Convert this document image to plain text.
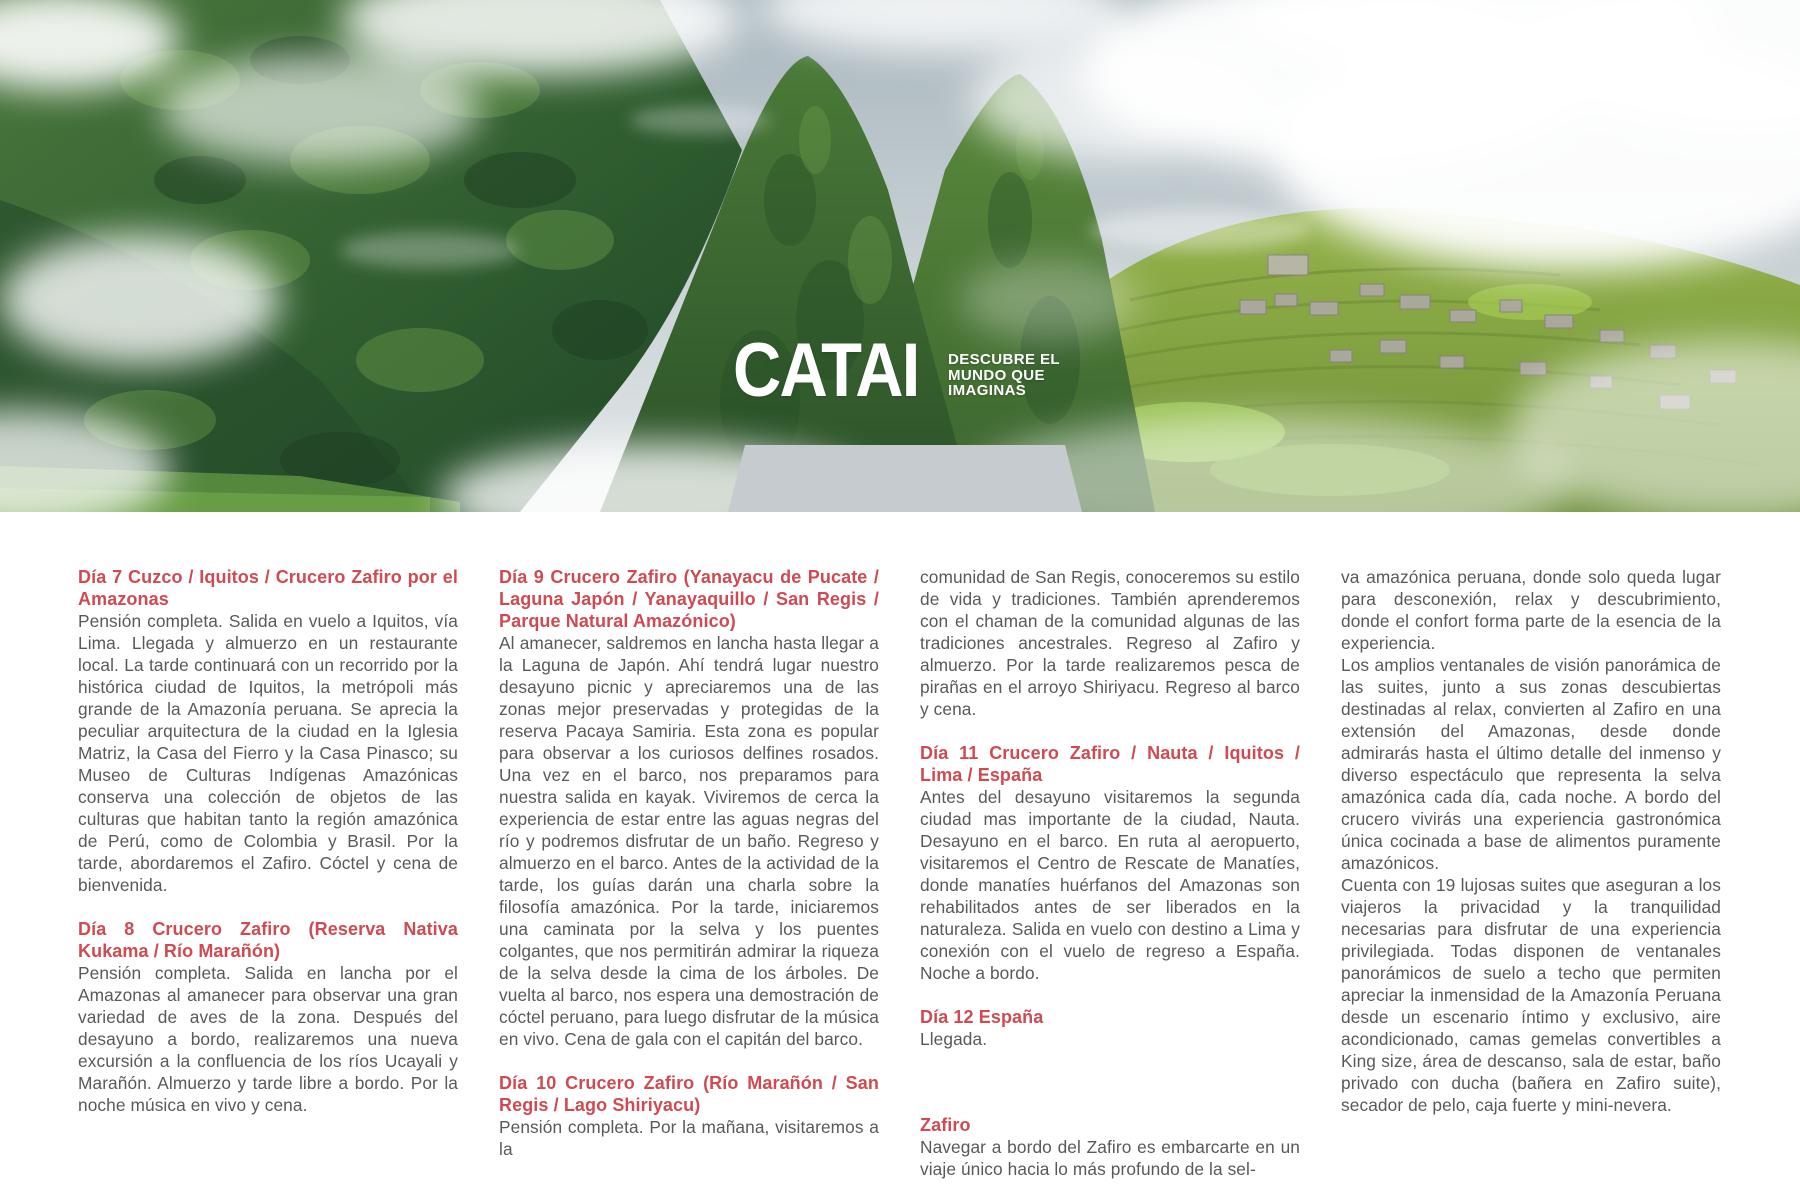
CATAI DESCUBRE EL
MUNDO QUE
IMAGINAS
Día 7 Cuzco / Iquitos / Crucero Zafiro por el Amazonas

Pensión completa. Salida en vuelo a Iquitos, vía Lima. Llegada y almuerzo en un restaurante local. La tarde continuará con un recorrido por la histórica ciudad de Iquitos, la metrópoli más grande de la Amazonía peruana. Se aprecia la peculiar arquitectura de la ciudad en la Iglesia Matriz, la Casa del Fierro y la Casa Pinasco; su Museo de Culturas Indígenas Amazónicas conserva una colección de objetos de las culturas que habitan tanto la región amazónica de Perú, como de Colombia y Brasil. Por la tarde, abordaremos el Zafiro. Cóctel y cena de bienvenida.

Día 8 Crucero Zafiro (Reserva Nativa Kukama / Río Marañón)

Pensión completa. Salida en lancha por el Amazonas al amanecer para observar una gran variedad de aves de la zona. Después del desayuno a bordo, realizaremos una nueva excursión a la confluencia de los ríos Ucayali y Marañón. Almuerzo y tarde libre a bordo. Por la noche música en vivo y cena.

Día 9 Crucero Zafiro (Yanayacu de Pucate / Laguna Japón / Yanayaquillo / San Regis / Parque Natural Amazónico)

Al amanecer, saldremos en lancha hasta llegar a la Laguna de Japón. Ahí tendrá lugar nuestro desayuno picnic y apreciaremos una de las zonas mejor preservadas y protegidas de la reserva Pacaya Samiria. Esta zona es popular para observar a los curiosos delfines rosados. Una vez en el barco, nos preparamos para nuestra salida en kayak. Viviremos de cerca la experiencia de estar entre las aguas negras del río y podremos disfrutar de un baño. Regreso y almuerzo en el barco. Antes de la actividad de la tarde, los guías darán una charla sobre la filosofía amazónica. Por la tarde, iniciaremos una caminata por la selva y los puentes colgantes, que nos permitirán admirar la riqueza de la selva desde la cima de los árboles. De vuelta al barco, nos espera una demostración de cóctel peruano, para luego disfrutar de la música en vivo. Cena de gala con el capitán del barco.

Día 10 Crucero Zafiro (Río Marañón / San Regis / Lago Shiriyacu)

Pensión completa. Por la mañana, visitaremos a la

comunidad de San Regis, conoceremos su estilo de vida y tradiciones. También aprenderemos con el chaman de la comunidad algunas de las tradiciones ancestrales. Regreso al Zafiro y almuerzo. Por la tarde realizaremos pesca de pirañas en el arroyo Shiriyacu. Regreso al barco y cena.

Día 11 Crucero Zafiro / Nauta / Iquitos / Lima / España

Antes del desayuno visitaremos la segunda ciudad mas importante de la ciudad, Nauta. Desayuno en el barco. En ruta al aeropuerto, visitaremos el Centro de Rescate de Manatíes, donde manatíes huérfanos del Amazonas son rehabilitados antes de ser liberados en la naturaleza. Salida en vuelo con destino a Lima y conexión con el vuelo de regreso a España. Noche a bordo.

Día 12 España

Llegada.

Zafiro

Navegar a bordo del Zafiro es embarcarte en un viaje único hacia lo más profundo de la sel-

va amazónica peruana, donde solo queda lugar para desconexión, relax y descubrimiento, donde el confort forma parte de la esencia de la experiencia.

Los amplios ventanales de visión panorámica de las suites, junto a sus zonas descubiertas destinadas al relax, convierten al Zafiro en una extensión del Amazonas, desde donde admirarás hasta el último detalle del inmenso y diverso espectáculo que representa la selva amazónica cada día, cada noche. A bordo del crucero vivirás una experiencia gastronómica única cocinada a base de alimentos puramente amazónicos.

Cuenta con 19 lujosas suites que aseguran a los viajeros la privacidad y la tranquilidad necesarias para disfrutar de una experiencia privilegiada. Todas disponen de ventanales panorámicos de suelo a techo que permiten apreciar la inmensidad de la Amazonía Peruana desde un escenario íntimo y exclusivo, aire acondicionado, camas gemelas convertibles a King size, área de descanso, sala de estar, baño privado con ducha (bañera en Zafiro suite), secador de pelo, caja fuerte y mini-nevera.
